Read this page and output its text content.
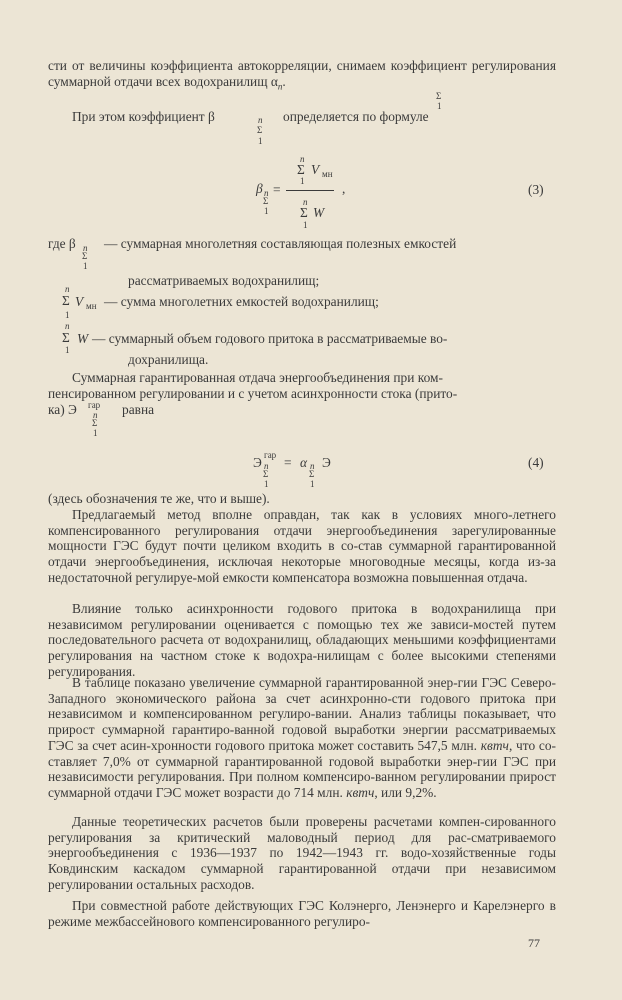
сти от величины коэффициента автокорреляции, снимаем коэффициент регулирования суммарной отдачи всех водохранилищ $\alpha_n$.

Σ
1
При этом коэффициент β	n
Σ
1
определяется по формуле
n
Σ V мн
1
β n
Σ
1
=
n
Σ W
1
,	(3)
где β n
Σ
1
— суммарная многолетняя составляющая полезных емкостей
рассматриваемых водохранилищ;
n
Σ V мн
1
— сумма многолетних емкостей водохранилищ;
n
Σ W
1
— суммарный объем годового притока в рассматриваемые во-
дохранилища.
Суммарная гарантированная отдача энергообъединения при ком-
пенсированном регулировании и с учетом асинхронности стока (прито-
ка) Э гар
n
Σ
1
равна
Э гар
n
Σ
1
= α n
Σ
1
Э	(4)
(здесь обозначения те же, что и выше).

Предлагаемый метод вполне оправдан, так как в условиях много-летнего компенсированного регулирования отдачи энергообъединения зарегулированные мощности ГЭС будут почти целиком входить в со-став суммарной гарантированной отдачи энергообъединения, исключая некоторые многоводные месяцы, когда из-за недостаточной регулируе-мой емкости компенсатора возможна повышенная отдача.

Влияние только асинхронности годового притока в водохранилища при независимом регулировании оценивается с помощью тех же зависи-мостей путем последовательного расчета от водохранилищ, обладающих меньшими коэффициентами регулирования на частном стоке к водохра-нилищам с более высокими степенями регулирования.

В таблице показано увеличение суммарной гарантированной энер-гии ГЭС Северо-Западного экономического района за счет асинхронно-сти годового притока при независимом и компенсированном регулиро-вании. Анализ таблицы показывает, что прирост суммарной гарантиро-ванной годовой выработки энергии рассматриваемых ГЭС за счет асин-хронности годового притока может составить 547,5 млн. квтч, что со-ставляет 7,0% от суммарной гарантированной годовой выработки энер-гии ГЭС при независимости регулирования. При полном компенсиро-ванном регулировании прирост суммарной отдачи ГЭС может возрасти до 714 млн. квтч, или 9,2%.

Данные теоретических расчетов были проверены расчетами компен-сированного регулирования за критический маловодный период для рас-сматриваемого энергообъединения с 1936—1937 по 1942—1943 гг. водо-хозяйственные годы Ковдинским каскадом суммарной гарантированной отдачи при независимом регулировании остальных расходов.

При совместной работе действующих ГЭС Колэнерго, Ленэнерго и Карелэнерго в режиме межбассейнового компенсированного регулиро-

77
